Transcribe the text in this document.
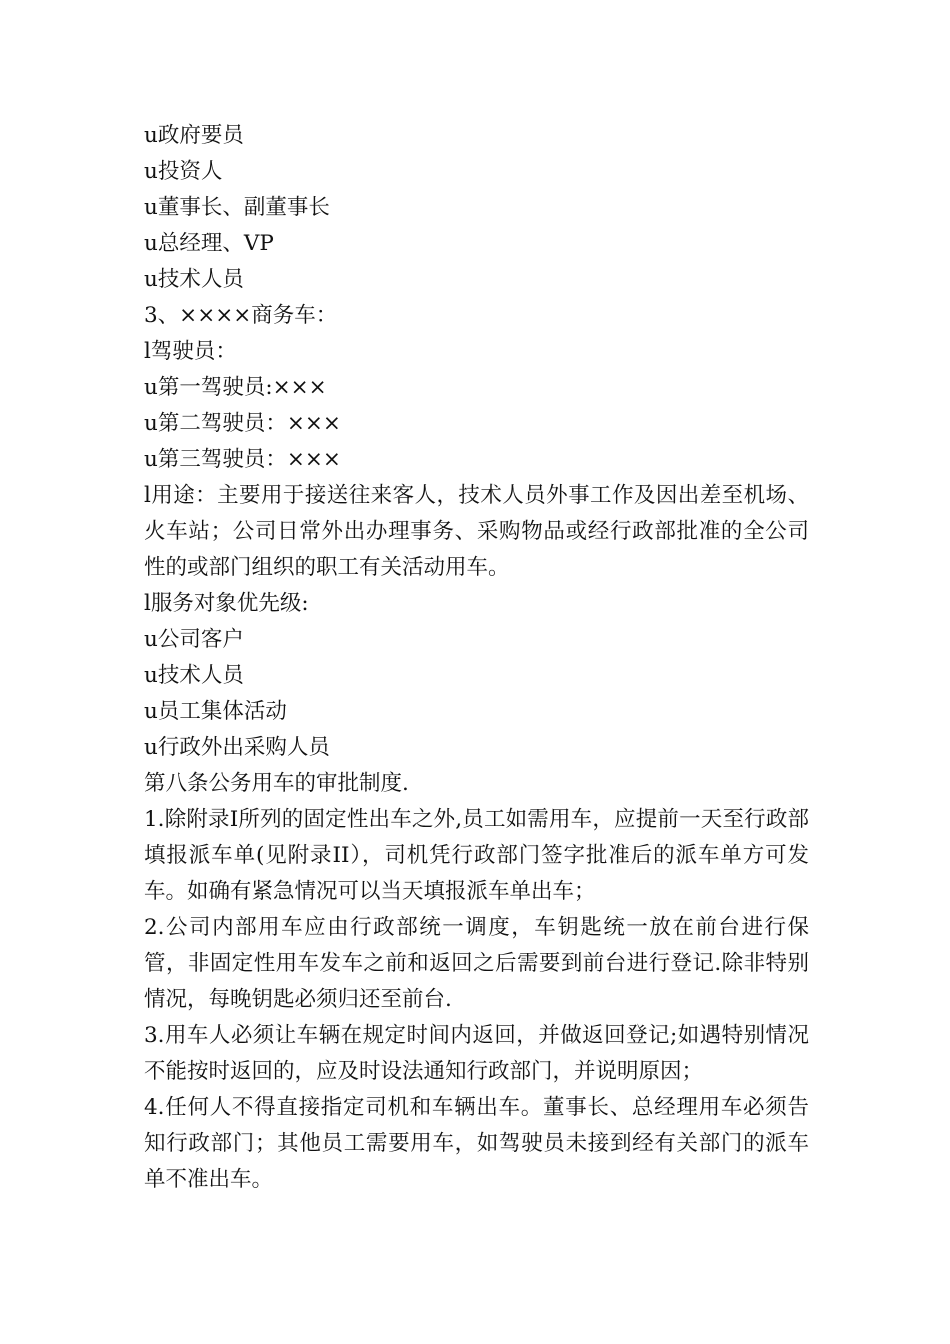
u政府要员

u投资人

u董事长、副董事长

u总经理、VP

u技术人员

3、××××商务车：

l驾驶员：

u第一驾驶员:×××

u第二驾驶员：×××

u第三驾驶员：×××

l用途：主要用于接送往来客人，技术人员外事工作及因出差至机场、火车站；公司日常外出办理事务、采购物品或经行政部批准的全公司性的或部门组织的职工有关活动用车。

l服务对象优先级:

u公司客户

u技术人员

u员工集体活动

u行政外出采购人员

第八条公务用车的审批制度.

1.除附录Ⅰ所列的固定性出车之外,员工如需用车，应提前一天至行政部填报派车单(见附录II），司机凭行政部门签字批准后的派车单方可发车。如确有紧急情况可以当天填报派车单出车；

2.公司内部用车应由行政部统一调度，车钥匙统一放在前台进行保管，非固定性用车发车之前和返回之后需要到前台进行登记.除非特别情况，每晚钥匙必须归还至前台.

3.用车人必须让车辆在规定时间内返回，并做返回登记;如遇特别情况不能按时返回的，应及时设法通知行政部门，并说明原因；

4.任何人不得直接指定司机和车辆出车。董事长、总经理用车必须告知行政部门；其他员工需要用车，如驾驶员未接到经有关部门的派车单不准出车。
